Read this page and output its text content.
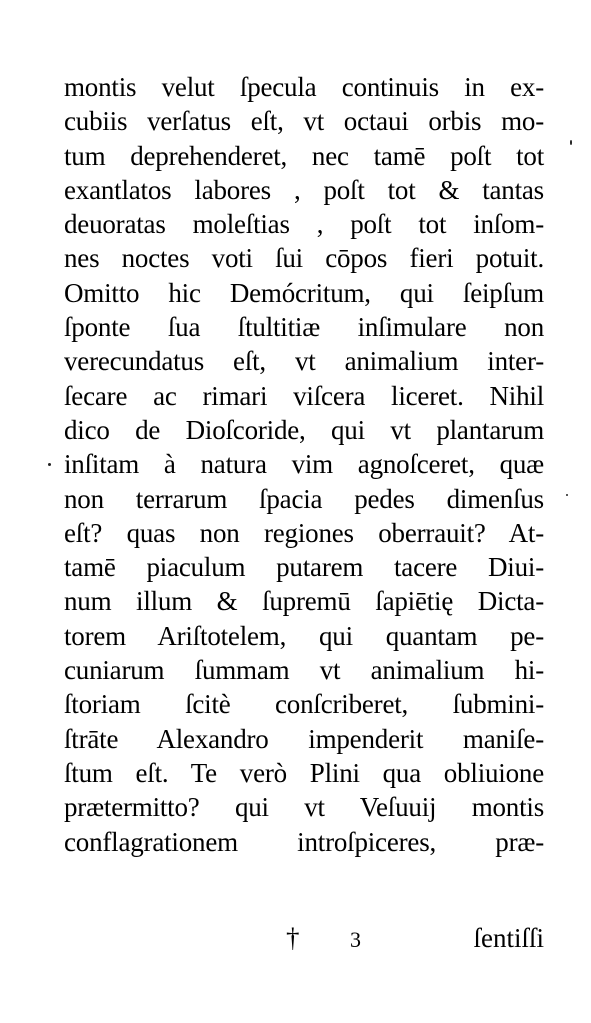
montis velut ſpecula continuis in ex-
cubiis verſatus eſt, vt octaui orbis mo-
tum deprehenderet, nec tamē poſt tot
exantlatos labores , poſt tot & tantas
deuoratas moleſtias , poſt tot inſom-
nes noctes voti ſui cōpos fieri potuit.
Omitto hic Demócritum, qui ſeipſum
ſponte ſua ſtultitiæ inſimulare non
verecundatus eſt, vt animalium inter-
ſecare ac rimari viſcera liceret. Nihil
dico de Dioſcoride, qui vt plantarum
inſitam à natura vim agnoſceret, quæ
non terrarum ſpacia pedes dimenſus
eſt? quas non regiones oberrauit? At-
tamē piaculum putarem tacere Diui-
num illum & ſupremū ſapiētię Dicta-
torem Ariſtotelem, qui quantam pe-
cuniarum ſummam vt animalium hi-
ſtoriam ſcitè conſcriberet, ſubmini-
ſtrāte Alexandro impenderit maniſe-
ſtum eſt. Te verò Plini qua obliuione
prætermitto? qui vt Veſuuij montis
conflagrationem introſpiceres, præ-
† 3	ſentiſſi
